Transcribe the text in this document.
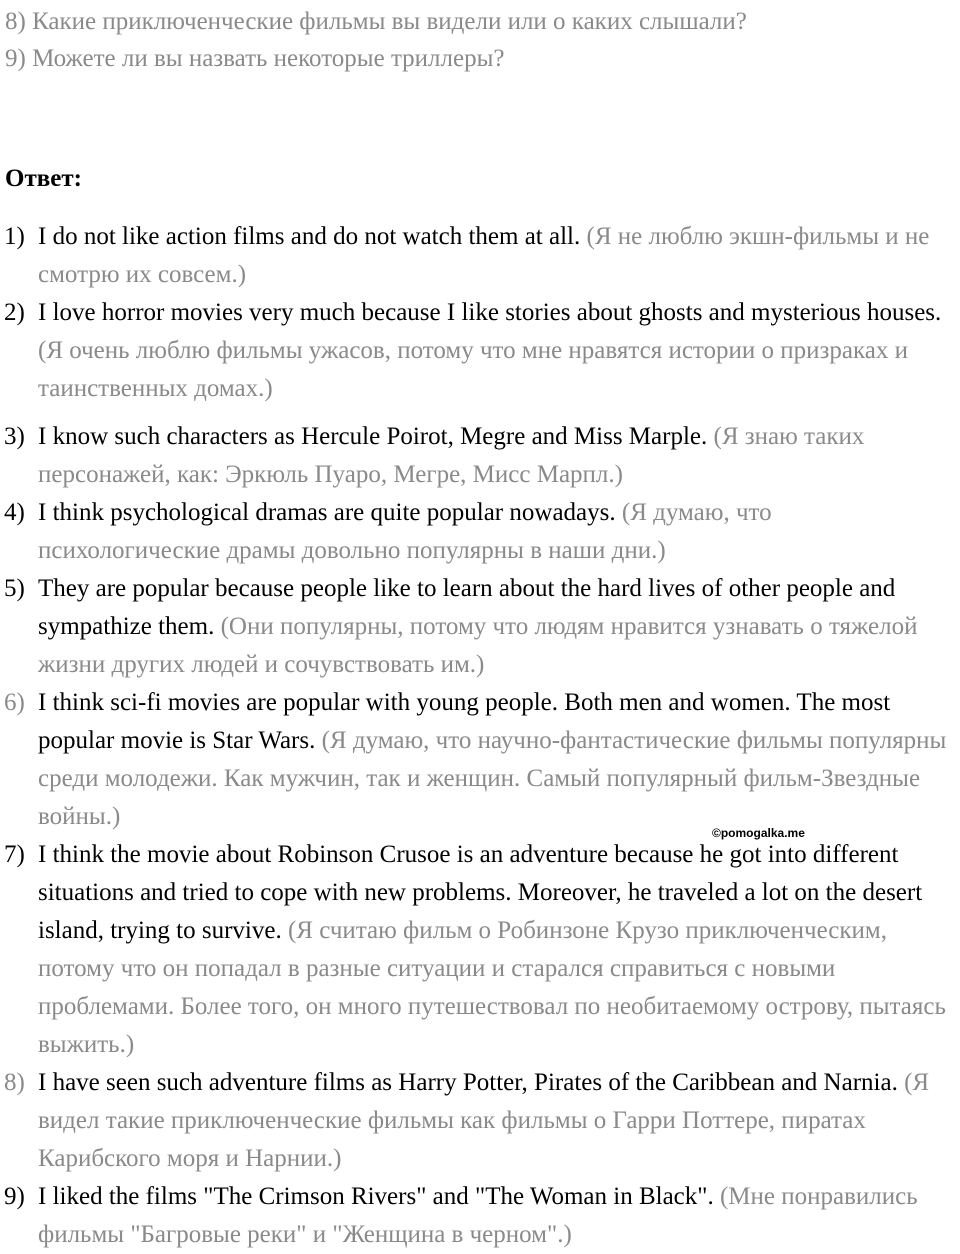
8) Какие приключенческие фильмы вы видели или о каких слышали?
9) Можете ли вы назвать некоторые триллеры?
Ответ:
1) I do not like action films and do not watch them at all. (Я не люблю экшн-фильмы и не смотрю их совсем.)
2) I love horror movies very much because I like stories about ghosts and mysterious houses. (Я очень люблю фильмы ужасов, потому что мне нравятся истории о призраках и таинственных домах.)
3) I know such characters as Hercule Poirot, Megre and Miss Marple. (Я знаю таких персонажей, как: Эркюль Пуаро, Мегре, Мисс Марпл.)
4) I think psychological dramas are quite popular nowadays. (Я думаю, что психологические драмы довольно популярны в наши дни.)
5) They are popular because people like to learn about the hard lives of other people and sympathize them. (Они популярны, потому что людям нравится узнавать о тяжелой жизни других людей и сочувствовать им.)
6) I think sci-fi movies are popular with young people. Both men and women. The most popular movie is Star Wars. (Я думаю, что научно-фантастические фильмы популярны среди молодежи. Как мужчин, так и женщин. Самый популярный фильм-Звездные войны.)
©pomogalka.me
7) I think the movie about Robinson Crusoe is an adventure because he got into different situations and tried to cope with new problems. Moreover, he traveled a lot on the desert island, trying to survive. (Я считаю фильм о Робинзоне Крузо приключенческим, потому что он попадал в разные ситуации и старался справиться с новыми проблемами. Более того, он много путешествовал по необитаемому острову, пытаясь выжить.)
8) I have seen such adventure films as Harry Potter, Pirates of the Caribbean and Narnia. (Я видел такие приключенческие фильмы как фильмы о Гарри Поттере, пиратах Карибского моря и Нарнии.)
9) I liked the films "The Crimson Rivers" and "The Woman in Black". (Мне понравились фильмы "Багровые реки" и "Женщина в черном".)
